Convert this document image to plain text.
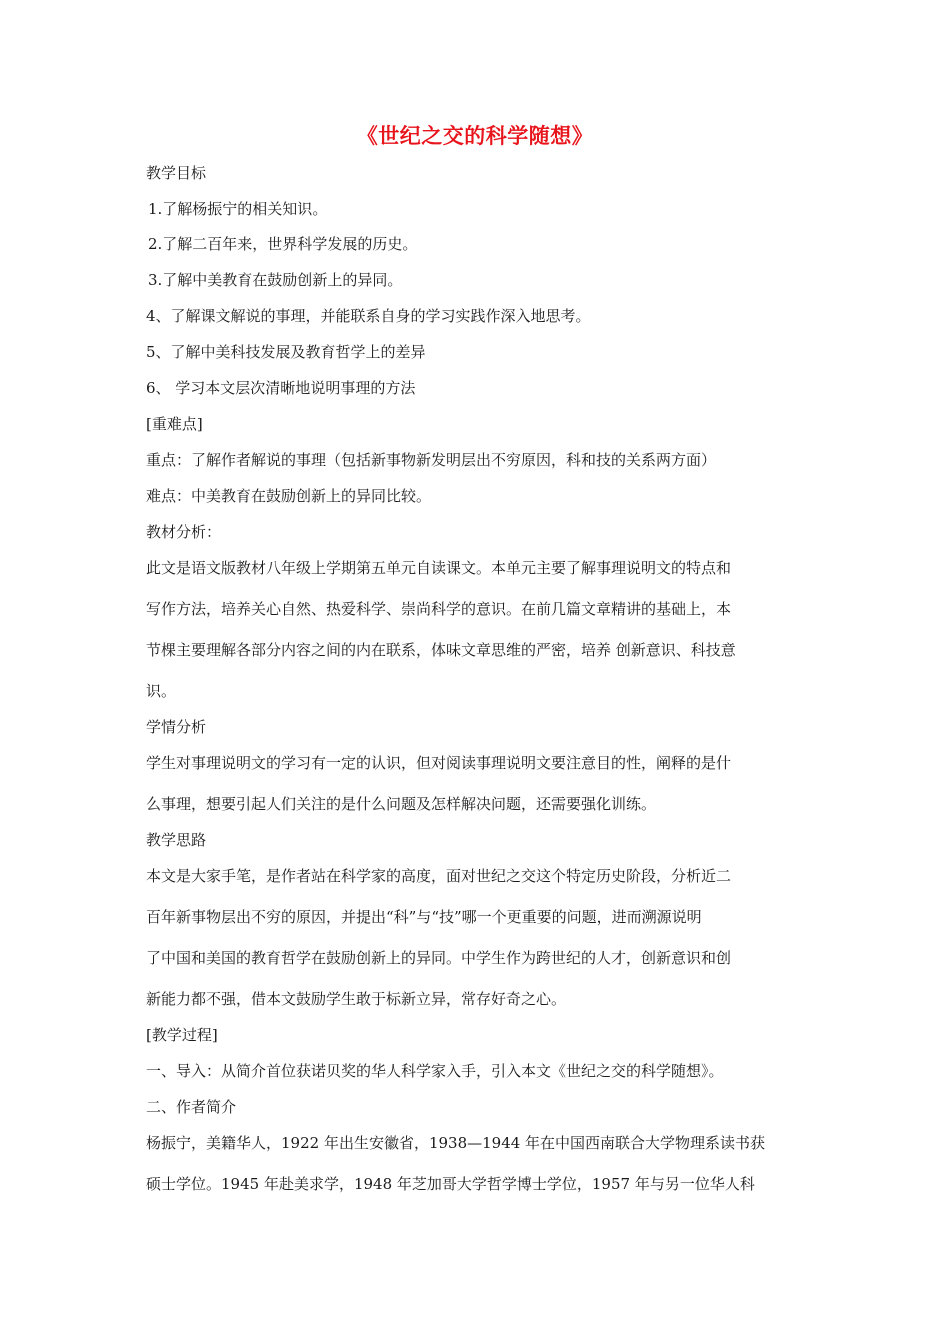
《世纪之交的科学随想》
教学目标
1.了解杨振宁的相关知识。
2.了解二百年来，世界科学发展的历史。
3.了解中美教育在鼓励创新上的异同。
4、了解课文解说的事理，并能联系自身的学习实践作深入地思考。
5、了解中美科技发展及教育哲学上的差异
6、 学习本文层次清晰地说明事理的方法
[重难点]
重点：了解作者解说的事理（包括新事物新发明层出不穷原因，科和技的关系两方面）
难点：中美教育在鼓励创新上的异同比较。
教材分析：
此文是语文版教材八年级上学期第五单元自读课文。本单元主要了解事理说明文的特点和
写作方法，培养关心自然、热爱科学、崇尚科学的意识。在前几篇文章精讲的基础上，本
节棵主要理解各部分内容之间的内在联系，体味文章思维的严密，培养 创新意识、科技意
识。
学情分析
学生对事理说明文的学习有一定的认识，但对阅读事理说明文要注意目的性，阐释的是什
么事理，想要引起人们关注的是什么问题及怎样解决问题，还需要强化训练。
教学思路
本文是大家手笔，是作者站在科学家的高度，面对世纪之交这个特定历史阶段，分析近二
百年新事物层出不穷的原因，并提出“科”与“技”哪一个更重要的问题，进而溯源说明
了中国和美国的教育哲学在鼓励创新上的异同。中学生作为跨世纪的人才，创新意识和创
新能力都不强，借本文鼓励学生敢于标新立异，常存好奇之心。
[教学过程]
一、导入：从简介首位获诺贝奖的华人科学家入手，引入本文《世纪之交的科学随想》。
二、作者简介
杨振宁，美籍华人，1922 年出生安徽省，1938—1944 年在中国西南联合大学物理系读书获
硕士学位。1945 年赴美求学，1948 年芝加哥大学哲学博士学位，1957 年与另一位华人科
